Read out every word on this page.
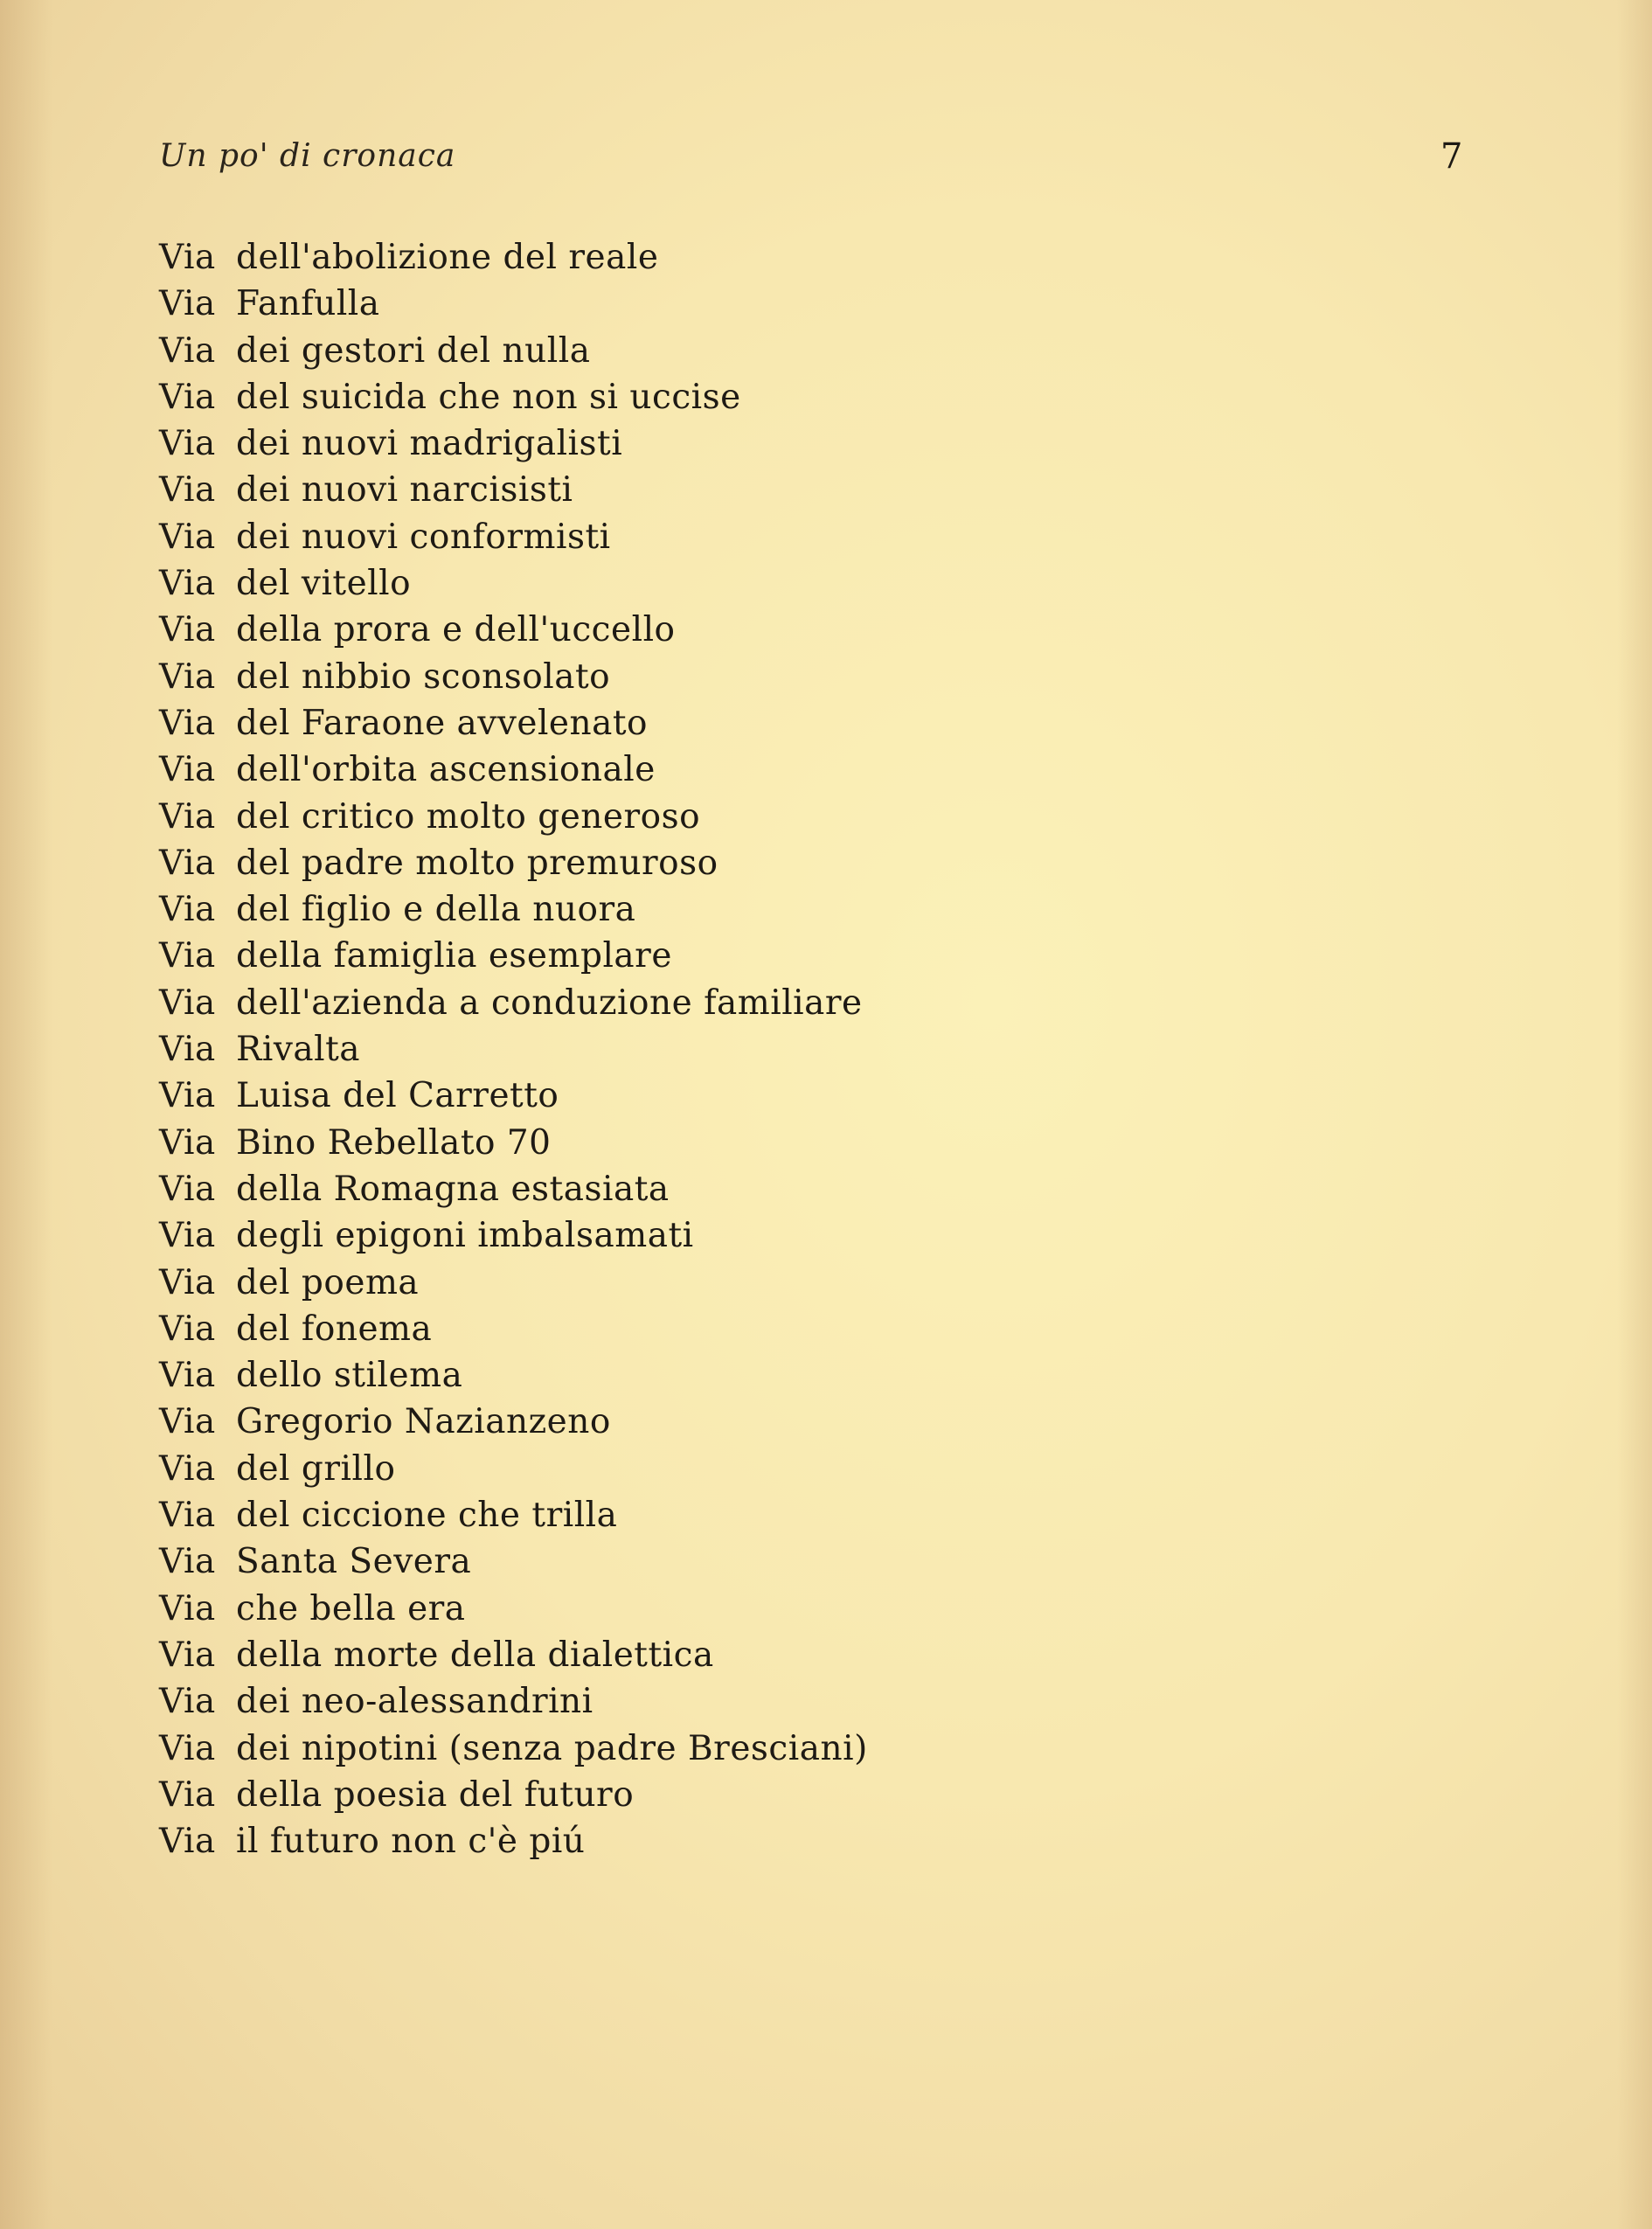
Un po' di cronaca	7
Via dell'abolizione del reale
Via Fanfulla
Via dei gestori del nulla
Via del suicida che non si uccise
Via dei nuovi madrigalisti
Via dei nuovi narcisisti
Via dei nuovi conformisti
Via del vitello
Via della prora e dell'uccello
Via del nibbio sconsolato
Via del Faraone avvelenato
Via dell'orbita ascensionale
Via del critico molto generoso
Via del padre molto premuroso
Via del figlio e della nuora
Via della famiglia esemplare
Via dell'azienda a conduzione familiare
Via Rivalta
Via Luisa del Carretto
Via Bino Rebellato 70
Via della Romagna estasiata
Via degli epigoni imbalsamati
Via del poema
Via del fonema
Via dello stilema
Via Gregorio Nazianzeno
Via del grillo
Via del ciccione che trilla
Via Santa Severa
Via che bella era
Via della morte della dialettica
Via dei neo-alessandrini
Via dei nipotini (senza padre Bresciani)
Via della poesia del futuro
Via il futuro non c'è piú
